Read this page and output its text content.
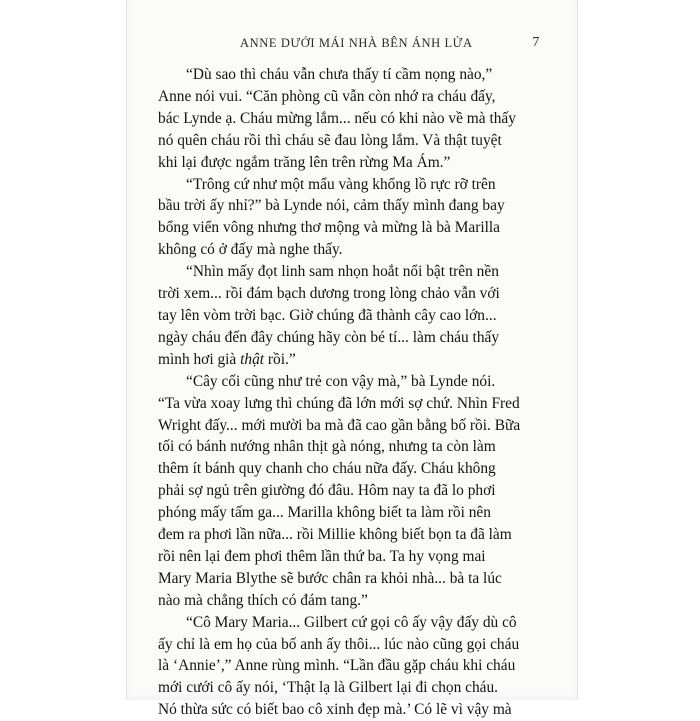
ANNE DƯỚI MÁI NHÀ BÊN ÁNH LỬA	7

“Dù sao thì cháu vẫn chưa thấy tí cầm nọng nào,”
Anne nói vui. “Căn phòng cũ vẫn còn nhớ ra cháu đấy,
bác Lynde ạ. Cháu mừng lắm... nếu có khi nào về mà thấy
nó quên cháu rồi thì cháu sẽ đau lòng lắm. Và thật tuyệt
khi lại được ngắm trăng lên trên rừng Ma Ám.”

“Trông cứ như một mẩu vàng khổng lồ rực rỡ trên
bầu trời ấy nhỉ?” bà Lynde nói, cảm thấy mình đang bay
bổng viển vông nhưng thơ mộng và mừng là bà Marilla
không có ở đấy mà nghe thấy.

“Nhìn mấy đọt linh sam nhọn hoắt nổi bật trên nền
trời xem... rồi đám bạch dương trong lòng chảo vẫn với
tay lên vòm trời bạc. Giờ chúng đã thành cây cao lớn...
ngày cháu đến đây chúng hãy còn bé tí... làm cháu thấy
mình hơi già thật rồi.”

“Cây cối cũng như trẻ con vậy mà,” bà Lynde nói.
“Ta vừa xoay lưng thì chúng đã lớn mới sợ chứ. Nhìn Fred
Wright đấy... mới mười ba mà đã cao gần bằng bố rồi. Bữa
tối có bánh nướng nhân thịt gà nóng, nhưng ta còn làm
thêm ít bánh quy chanh cho cháu nữa đấy. Cháu không
phải sợ ngủ trên giường đó đâu. Hôm nay ta đã lo phơi
phóng mấy tấm ga... Marilla không biết ta làm rồi nên
đem ra phơi lần nữa... rồi Millie không biết bọn ta đã làm
rồi nên lại đem phơi thêm lần thứ ba. Ta hy vọng mai
Mary Maria Blythe sẽ bước chân ra khỏi nhà... bà ta lúc
nào mà chẳng thích có đám tang.”

“Cô Mary Maria... Gilbert cứ gọi cô ấy vậy đấy dù cô
ấy chỉ là em họ của bố anh ấy thôi... lúc nào cũng gọi cháu
là ‘Annie’,” Anne rùng mình. “Lần đầu gặp cháu khi cháu
mới cưới cô ấy nói, ‘Thật lạ là Gilbert lại đi chọn cháu.
Nó thừa sức có biết bao cô xinh đẹp mà.’ Có lẽ vì vậy mà
